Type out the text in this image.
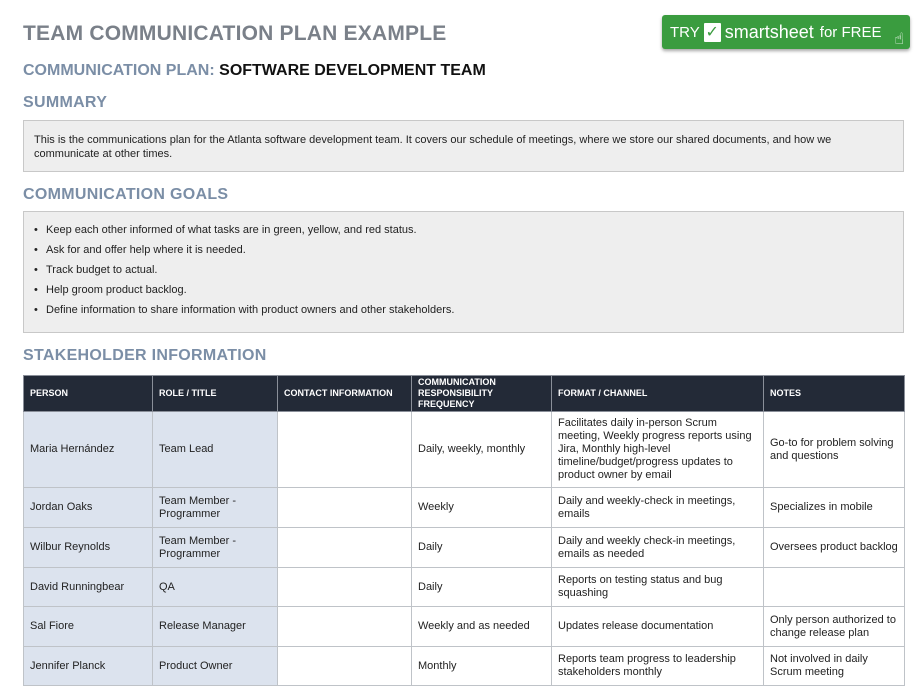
TEAM COMMUNICATION PLAN EXAMPLE	TRY ✓ smartsheet for FREE ☝
COMMUNICATION PLAN: SOFTWARE DEVELOPMENT TEAM
SUMMARY
This is the communications plan for the Atlanta software development team. It covers our schedule of meetings, where we store our shared documents, and how we communicate at other times.
COMMUNICATION GOALS
• Keep each other informed of what tasks are in green, yellow, and red status.
• Ask for and offer help where it is needed.
• Track budget to actual.
• Help groom product backlog.
• Define information to share information with product owners and other stakeholders.
STAKEHOLDER INFORMATION
PERSON	ROLE / TITLE	CONTACT INFORMATION	COMMUNICATION RESPONSIBILITY FREQUENCY	FORMAT / CHANNEL	NOTES
Maria Hernández	Team Lead		Daily, weekly, monthly	Facilitates daily in-person Scrum meeting, Weekly progress reports using Jira, Monthly high-level timeline/budget/progress updates to product owner by email	Go-to for problem solving and questions
Jordan Oaks	Team Member - Programmer		Weekly	Daily and weekly-check in meetings, emails	Specializes in mobile
Wilbur Reynolds	Team Member - Programmer		Daily	Daily and weekly check-in meetings, emails as needed	Oversees product backlog
David Runningbear	QA		Daily	Reports on testing status and bug squashing	
Sal Fiore	Release Manager		Weekly and as needed	Updates release documentation	Only person authorized to change release plan
Jennifer Planck	Product Owner		Monthly	Reports team progress to leadership stakeholders monthly	Not involved in daily Scrum meeting
